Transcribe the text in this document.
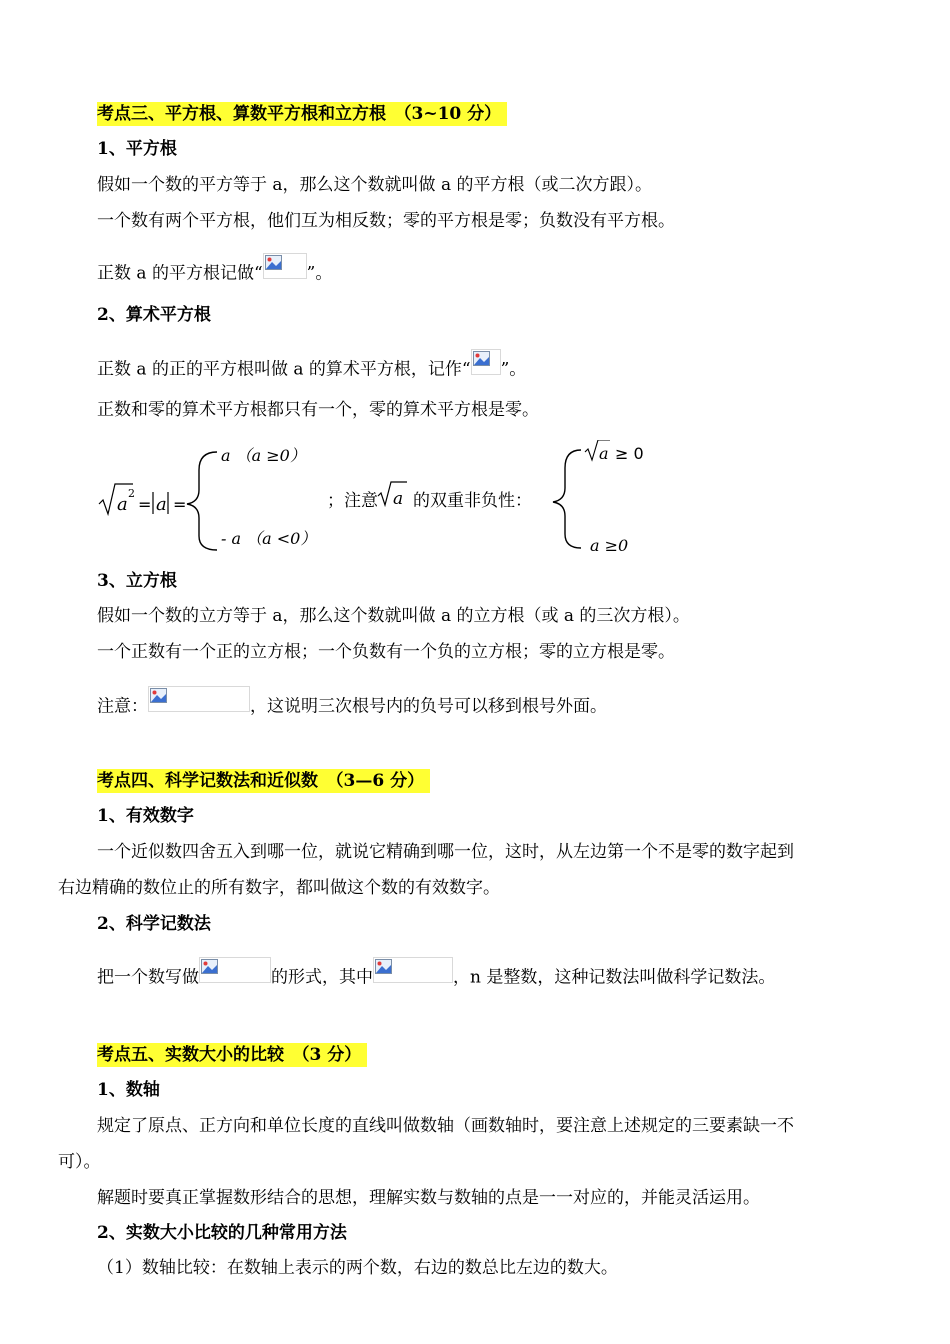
考点三、平方根、算数平方根和立方根　（3~10 分）
1、平方根
假如一个数的平方等于 a，那么这个数就叫做 a 的平方根（或二次方跟）。
一个数有两个平方根，他们互为相反数；零的平方根是零；负数没有平方根。
正数 a 的平方根记做“	”。
2、算术平方根
正数 a 的正的平方根叫做 a 的算术平方根，记作“ ”。
正数和零的算术平方根都只有一个，零的算术平方根是零。
a
2
= a =
a （a ≥0）
- a （a <0）
；注意 a 的双重非负性：
a ≥ 0
a ≥0
3、立方根
假如一个数的立方等于 a，那么这个数就叫做 a 的立方根（或 a 的三次方根）。
一个正数有一个正的立方根；一个负数有一个负的立方根；零的立方根是零。
注意：	，这说明三次根号内的负号可以移到根号外面。
考点四、科学记数法和近似数　（3—6 分）
1、有效数字
一个近似数四舍五入到哪一位，就说它精确到哪一位，这时，从左边第一个不是零的数字起到
右边精确的数位止的所有数字，都叫做这个数的有效数字。
2、科学记数法
把一个数写做	的形式，其中	，n 是整数，这种记数法叫做科学记数法。
考点五、实数大小的比较　（3 分）
1、数轴
规定了原点、正方向和单位长度的直线叫做数轴（画数轴时，要注意上述规定的三要素缺一不
可）。
解题时要真正掌握数形结合的思想，理解实数与数轴的点是一一对应的，并能灵活运用。
2、实数大小比较的几种常用方法
（1）数轴比较：在数轴上表示的两个数，右边的数总比左边的数大。
